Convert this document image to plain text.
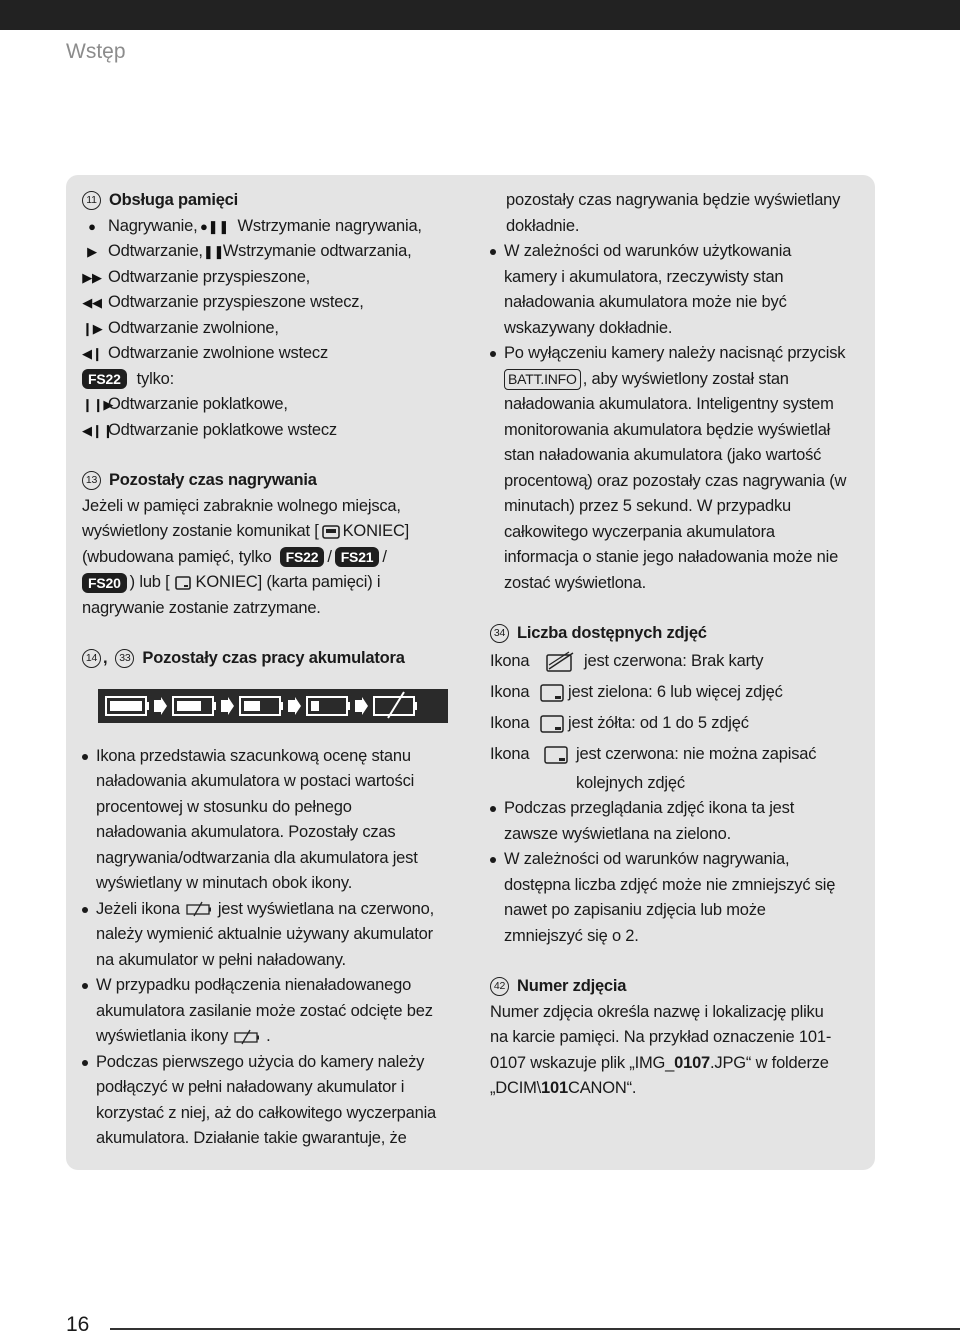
Wstęp
11 Obsługa pamięci
● Nagrywanie, ●❚❚ Wstrzymanie nagrywania,
▶ Odtwarzanie, ❚❚
Wstrzymanie odtwarzania,
▶▶ Odtwarzanie przyspieszone,
◀◀ Odtwarzanie przyspieszone wstecz,
❙▶ Odtwarzanie zwolnione,
◀❙ Odtwarzanie zwolnione wstecz
FS22 tylko:
❙❙▶
Odtwarzanie poklatkowe,
◀❙❙
Odtwarzanie poklatkowe wstecz
13 Pozostały czas nagrywania
Jeżeli w pamięci zabraknie wolnego miejsca,
wyświetlony zostanie komunikat [ KONIEC]
(wbudowana pamięć, tylko	FS22 / FS21 /
FS20 ) lub [ KONIEC] (karta pamięci) i
nagrywanie zostanie zatrzymane.
14 ,	33 Pozostały czas pracy akumulatora
Ikona przedstawia szacunkową ocenę stanu
naładowania akumulatora w postaci wartości
procentowej w stosunku do pełnego
naładowania akumulatora. Pozostały czas
nagrywania/odtwarzania dla akumulatora jest
wyświetlany w minutach obok ikony.
Jeżeli ikona jest wyświetlana na czerwono,
należy wymienić aktualnie używany akumulator
na akumulator w pełni naładowany.
W przypadku podłączenia nienaładowanego
akumulatora zasilanie może zostać odcięte bez
wyświetlania ikony .
Podczas pierwszego użycia do kamery należy
podłączyć w pełni naładowany akumulator i
korzystać z niej, aż do całkowitego wyczerpania
akumulatora. Działanie takie gwarantuje, że
pozostały czas nagrywania będzie wyświetlany
dokładnie.
W zależności od warunków użytkowania
kamery i akumulatora, rzeczywisty stan
naładowania akumulatora może nie być
wskazywany dokładnie.
Po wyłączeniu kamery należy nacisnąć przycisk
BATT.INFO , aby wyświetlony został stan
naładowania akumulatora. Inteligentny system
monitorowania akumulatora będzie wyświetlał
stan naładowania akumulatora (jako wartość
procentową) oraz pozostały czas nagrywania (w
minutach) przez 5 sekund. W przypadku
całkowitego wyczerpania akumulatora
informacja o stanie jego naładowania może nie
zostać wyświetlona.
34 Liczba dostępnych zdjęć
Ikona	jest czerwona: Brak karty
Ikona	jest zielona: 6 lub więcej zdjęć
Ikona	jest żółta: od 1 do 5 zdjęć
Ikona	jest czerwona: nie można zapisać
kolejnych zdjęć
Podczas przeglądania zdjęć ikona ta jest
zawsze wyświetlana na zielono.
W zależności od warunków nagrywania,
dostępna liczba zdjęć może nie zmniejszyć się
nawet po zapisaniu zdjęcia lub może
zmniejszyć się o 2.
42 Numer zdjęcia
Numer zdjęcia określa nazwę i lokalizację pliku
na karcie pamięci. Na przykład oznaczenie 101-
0107 wskazuje plik „IMG_ 0107 .JPG“ w folderze
„DCIM\ 101 CANON“.
16
